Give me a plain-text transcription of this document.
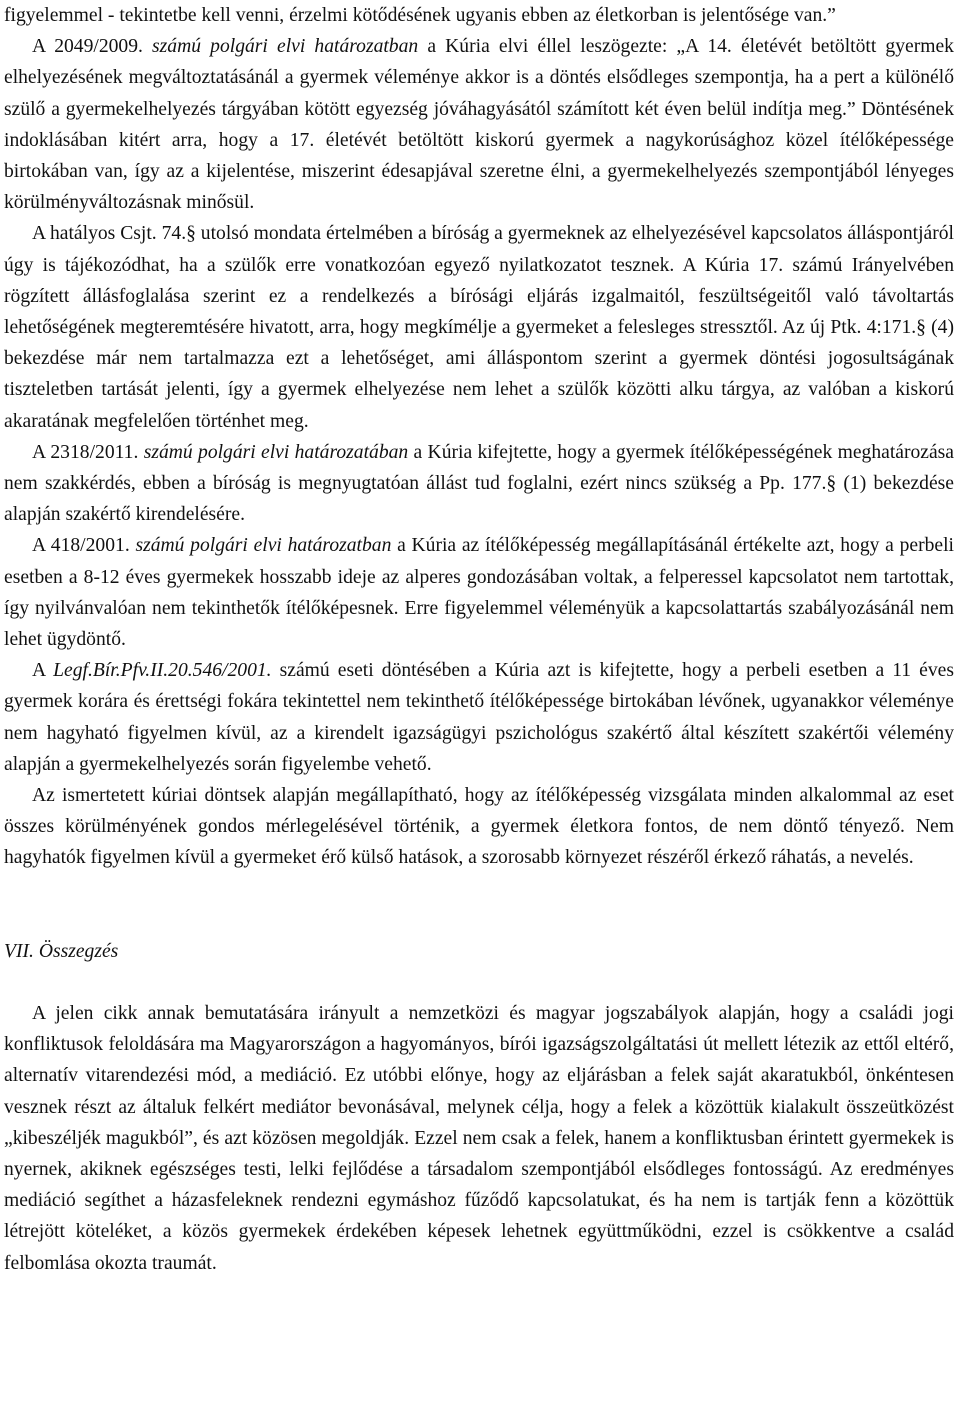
figyelemmel - tekintetbe kell venni, érzelmi kötődésének ugyanis ebben az életkorban is jelentősége van.”

A 2049/2009. számú polgári elvi határozatban a Kúria elvi éllel leszögezte: „A 14. életévét betöltött gyermek elhelyezésének megváltoztatásánál a gyermek véleménye akkor is a döntés elsődleges szempontja, ha a pert a különélő szülő a gyermekelhelyezés tárgyában kötött egyezség jóváhagyásától számított két éven belül indítja meg.” Döntésének indoklásában kitért arra, hogy a 17. életévét betöltött kiskorú gyermek a nagykorúsághoz közel ítélőképessége birtokában van, így az a kijelentése, miszerint édesapjával szeretne élni, a gyermekelhelyezés szempontjából lényeges körülményváltozásnak minősül.

A hatályos Csjt. 74.§ utolsó mondata értelmében a bíróság a gyermeknek az elhelyezésével kapcsolatos álláspontjáról úgy is tájékozódhat, ha a szülők erre vonatkozóan egyező nyilatkozatot tesznek. A Kúria 17. számú Irányelvében rögzített állásfoglalása szerint ez a rendelkezés a bírósági eljárás izgalmaitól, feszültségeitől való távoltartás lehetőségének megteremtésére hivatott, arra, hogy megkímélje a gyermeket a felesleges stressztől. Az új Ptk. 4:171.§ (4) bekezdése már nem tartalmazza ezt a lehetőséget, ami álláspontom szerint a gyermek döntési jogosultságának tiszteletben tartását jelenti, így a gyermek elhelyezése nem lehet a szülők közötti alku tárgya, az valóban a kiskorú akaratának megfelelően történhet meg.

A 2318/2011. számú polgári elvi határozatában a Kúria kifejtette, hogy a gyermek ítélőképességének meghatározása nem szakkérdés, ebben a bíróság is megnyugtatóan állást tud foglalni, ezért nincs szükség a Pp. 177.§ (1) bekezdése alapján szakértő kirendelésére.

A 418/2001. számú polgári elvi határozatban a Kúria az ítélőképesség megállapításánál értékelte azt, hogy a perbeli esetben a 8-12 éves gyermekek hosszabb ideje az alperes gondozásában voltak, a felperessel kapcsolatot nem tartottak, így nyilvánvalóan nem tekinthetők ítélőképesnek. Erre figyelemmel véleményük a kapcsolattartás szabályozásánál nem lehet ügydöntő.

A Legf.Bír.Pfv.II.20.546/2001. számú eseti döntésében a Kúria azt is kifejtette, hogy a perbeli esetben a 11 éves gyermek korára és érettségi fokára tekintettel nem tekinthető ítélőképessége birtokában lévőnek, ugyanakkor véleménye nem hagyható figyelmen kívül, az a kirendelt igazságügyi pszichológus szakértő által készített szakértői vélemény alapján a gyermekelhelyezés során figyelembe vehető.

Az ismertetett kúriai döntsek alapján megállapítható, hogy az ítélőképesség vizsgálata minden alkalommal az eset összes körülményének gondos mérlegelésével történik, a gyermek életkora fontos, de nem döntő tényező. Nem hagyhatók figyelmen kívül a gyermeket érő külső hatások, a szorosabb környezet részéről érkező ráhatás, a nevelés.

VII. Összegzés

A jelen cikk annak bemutatására irányult a nemzetközi és magyar jogszabályok alapján, hogy a családi jogi konfliktusok feloldására ma Magyarországon a hagyományos, bírói igazságszolgáltatási út mellett létezik az ettől eltérő, alternatív vitarendezési mód, a mediáció. Ez utóbbi előnye, hogy az eljárásban a felek saját akaratukból, önkéntesen vesznek részt az általuk felkért mediátor bevonásával, melynek célja, hogy a felek a közöttük kialakult összeütközést „kibeszéljék magukból”, és azt közösen megoldják. Ezzel nem csak a felek, hanem a konfliktusban érintett gyermekek is nyernek, akiknek egészséges testi, lelki fejlődése a társadalom szempontjából elsődleges fontosságú. Az eredményes mediáció segíthet a házasfeleknek rendezni egymáshoz fűződő kapcsolatukat, és ha nem is tartják fenn a közöttük létrejött köteléket, a közös gyermekek érdekében képesek lehetnek együttműködni, ezzel is csökkentve a család felbomlása okozta traumát.
